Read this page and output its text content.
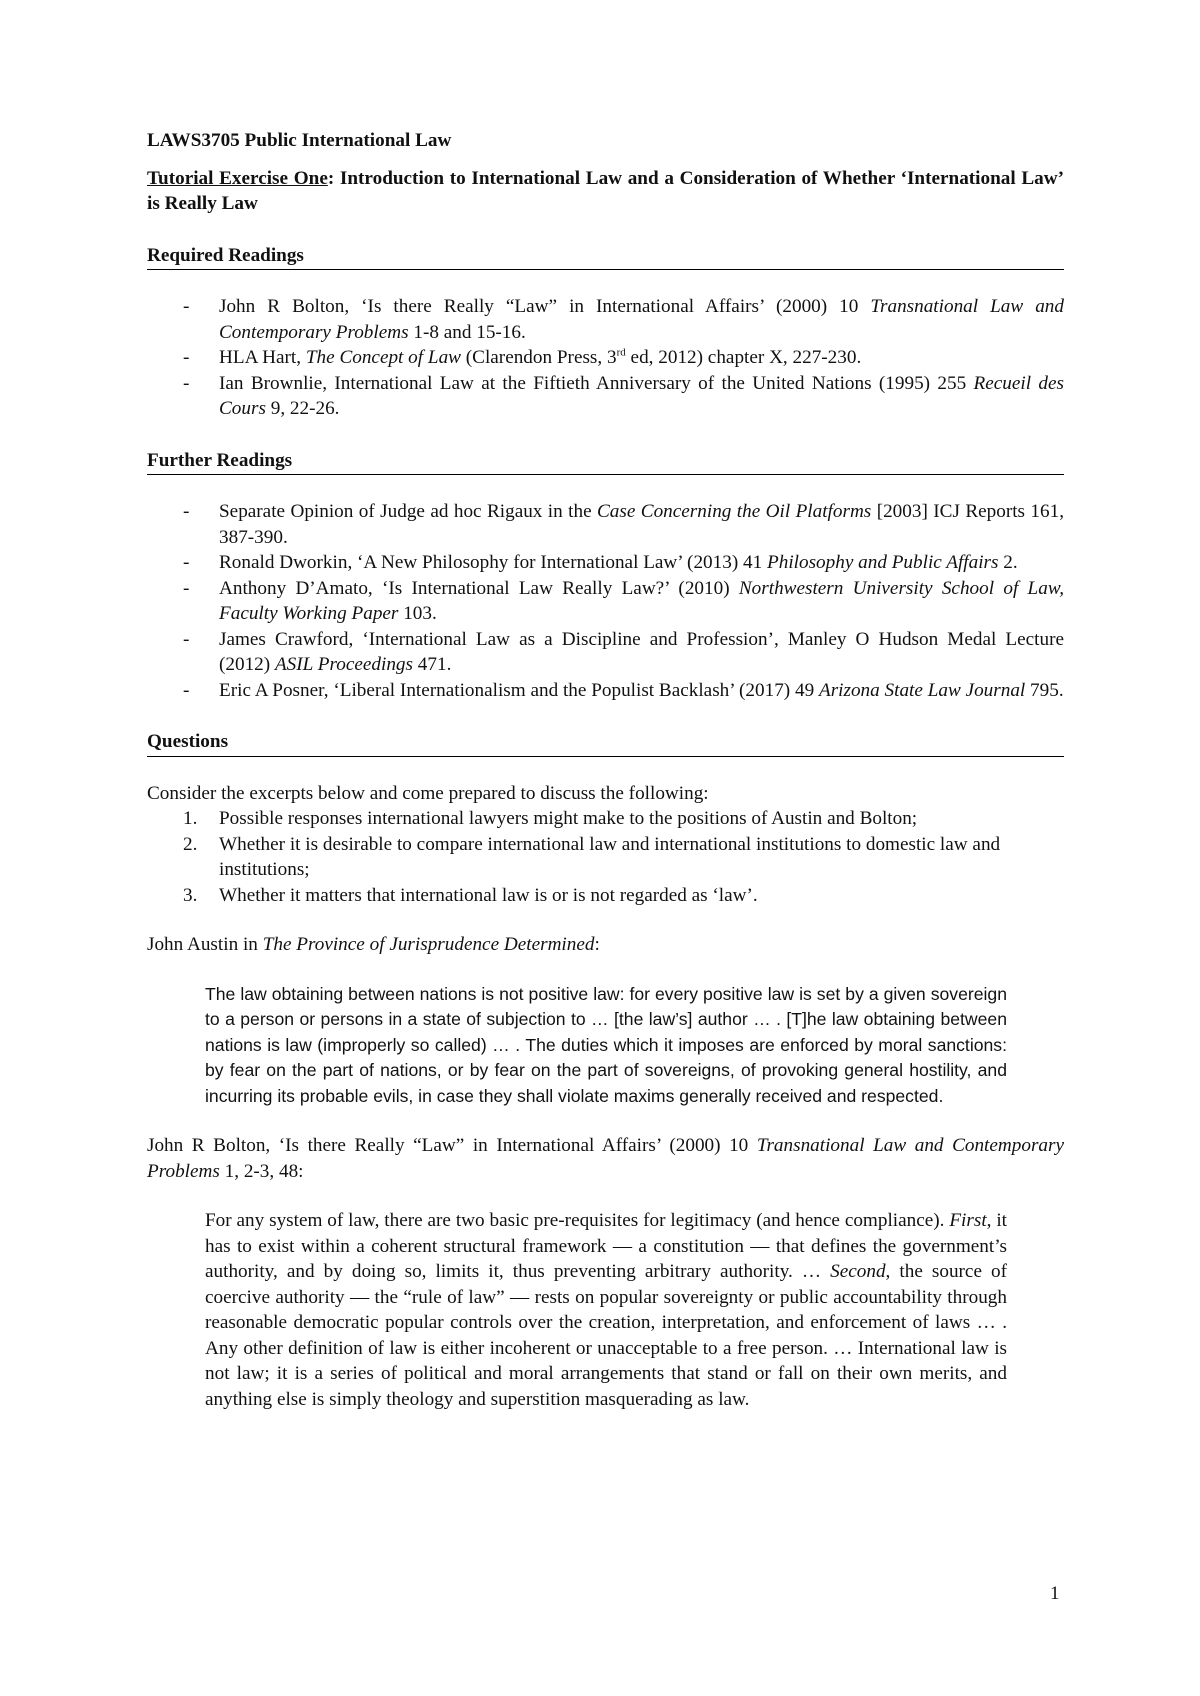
LAWS3705 Public International Law

Tutorial Exercise One: Introduction to International Law and a Consideration of Whether ‘International Law’ is Really Law

Required Readings
- John R Bolton, ‘Is there Really “Law” in International Affairs’ (2000) 10 Transnational Law and Contemporary Problems 1-8 and 15-16.
- HLA Hart, The Concept of Law (Clarendon Press, 3rd ed, 2012) chapter X, 227-230.
- Ian Brownlie, International Law at the Fiftieth Anniversary of the United Nations (1995) 255 Recueil des Cours 9, 22-26.
Further Readings
- Separate Opinion of Judge ad hoc Rigaux in the Case Concerning the Oil Platforms [2003] ICJ Reports 161, 387-390.
- Ronald Dworkin, ‘A New Philosophy for International Law’ (2013) 41 Philosophy and Public Affairs 2.
- Anthony D’Amato, ‘Is International Law Really Law?’ (2010) Northwestern University School of Law, Faculty Working Paper 103.
- James Crawford, ‘International Law as a Discipline and Profession’, Manley O Hudson Medal Lecture (2012) ASIL Proceedings 471.
- Eric A Posner, ‘Liberal Internationalism and the Populist Backlash’ (2017) 49 Arizona State Law Journal 795.
Questions

Consider the excerpts below and come prepared to discuss the following:

1. Possible responses international lawyers might make to the positions of Austin and Bolton;
2. Whether it is desirable to compare international law and international institutions to domestic law and institutions;
3. Whether it matters that international law is or is not regarded as ‘law’.

John Austin in The Province of Jurisprudence Determined:

The law obtaining between nations is not positive law: for every positive law is set by a given sovereign to a person or persons in a state of subjection to … [the law’s] author … . [T]he law obtaining between nations is law (improperly so called) … . The duties which it imposes are enforced by moral sanctions: by fear on the part of nations, or by fear on the part of sovereigns, of provoking general hostility, and incurring its probable evils, in case they shall violate maxims generally received and respected.

John R Bolton, ‘Is there Really “Law” in International Affairs’ (2000) 10 Transnational Law and Contemporary Problems 1, 2-3, 48:

For any system of law, there are two basic pre-requisites for legitimacy (and hence compliance). First, it has to exist within a coherent structural framework — a constitution — that defines the government’s authority, and by doing so, limits it, thus preventing arbitrary authority. … Second, the source of coercive authority — the “rule of law” — rests on popular sovereignty or public accountability through reasonable democratic popular controls over the creation, interpretation, and enforcement of laws … . Any other definition of law is either incoherent or unacceptable to a free person. … International law is not law; it is a series of political and moral arrangements that stand or fall on their own merits, and anything else is simply theology and superstition masquerading as law.

1
